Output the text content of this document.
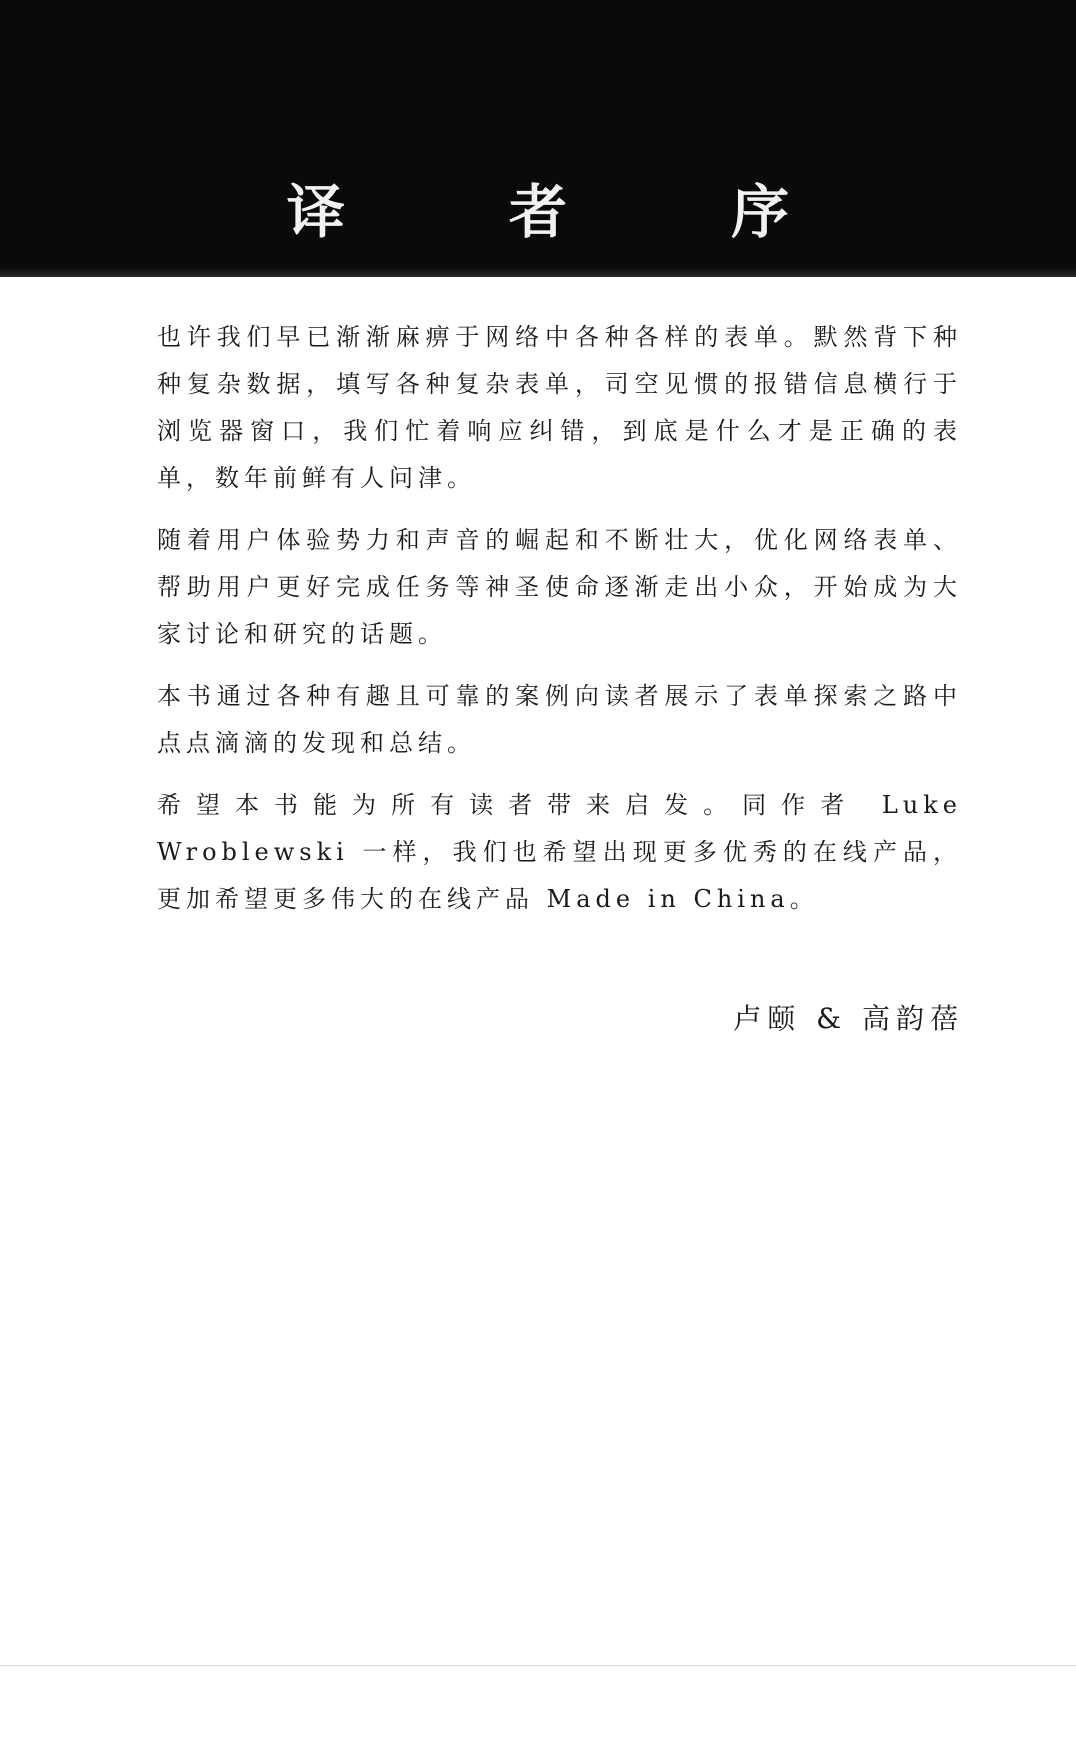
译 者 序

也许我们早已渐渐麻痹于网络中各种各样的表单。默然背下种种复杂数据，填写各种复杂表单，司空见惯的报错信息横行于浏览器窗口，我们忙着响应纠错，到底是什么才是正确的表单，数年前鲜有人问津。

随着用户体验势力和声音的崛起和不断壮大，优化网络表单、帮助用户更好完成任务等神圣使命逐渐走出小众，开始成为大家讨论和研究的话题。

本书通过各种有趣且可靠的案例向读者展示了表单探索之路中点点滴滴的发现和总结。

希望本书能为所有读者带来启发。同作者 Luke Wroblewski 一样，我们也希望出现更多优秀的在线产品，更加希望更多伟大的在线产品 Made in China。

卢颐 & 高韵蓓
